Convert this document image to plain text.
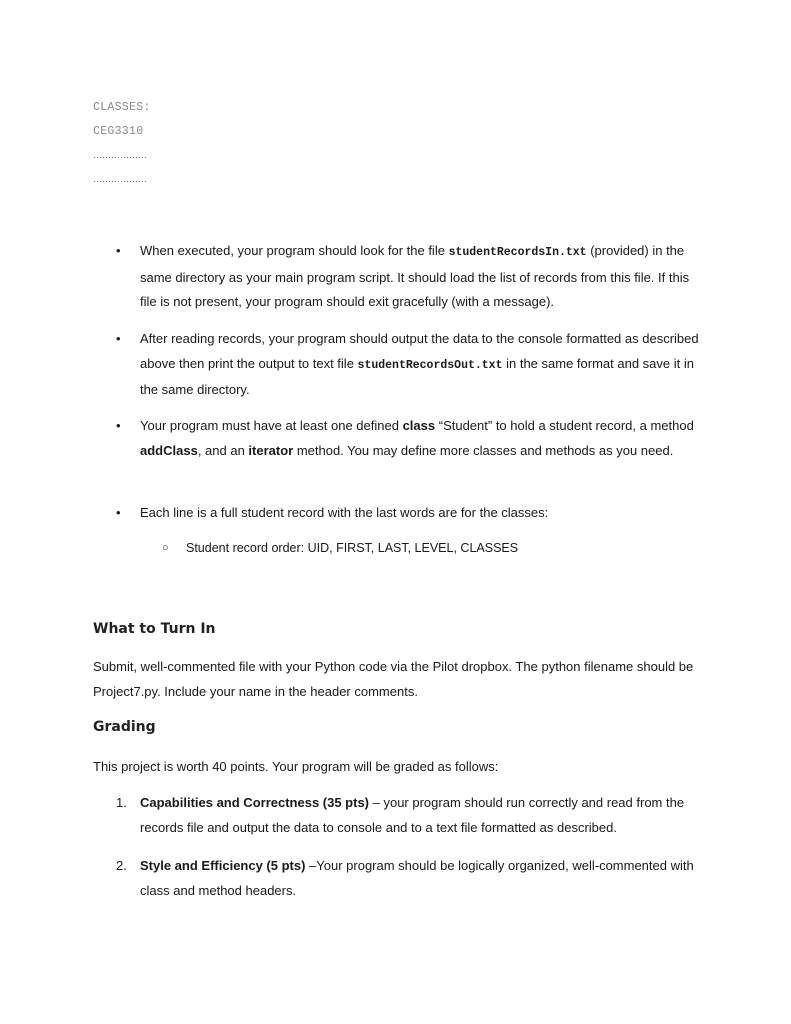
CLASSES:
CEG3310
………………
………………
• When executed, your program should look for the file studentRecordsIn.txt (provided) in the same directory as your main program script. It should load the list of records from this file. If this file is not present, your program should exit gracefully (with a message).
• After reading records, your program should output the data to the console formatted as described above then print the output to text file studentRecordsOut.txt in the same format and save it in the same directory.
• Your program must have at least one defined class “Student” to hold a student record, a method addClass, and an iterator method. You may define more classes and methods as you need.
• Each line is a full student record with the last words are for the classes:
○ Student record order: UID, FIRST, LAST, LEVEL, CLASSES
What to Turn In
Submit, well-commented file with your Python code via the Pilot dropbox. The python filename should be Project7.py. Include your name in the header comments.
Grading
This project is worth 40 points. Your program will be graded as follows:
1. Capabilities and Correctness (35 pts) – your program should run correctly and read from the records file and output the data to console and to a text file formatted as described.
2. Style and Efficiency (5 pts) –Your program should be logically organized, well-commented with class and method headers.
